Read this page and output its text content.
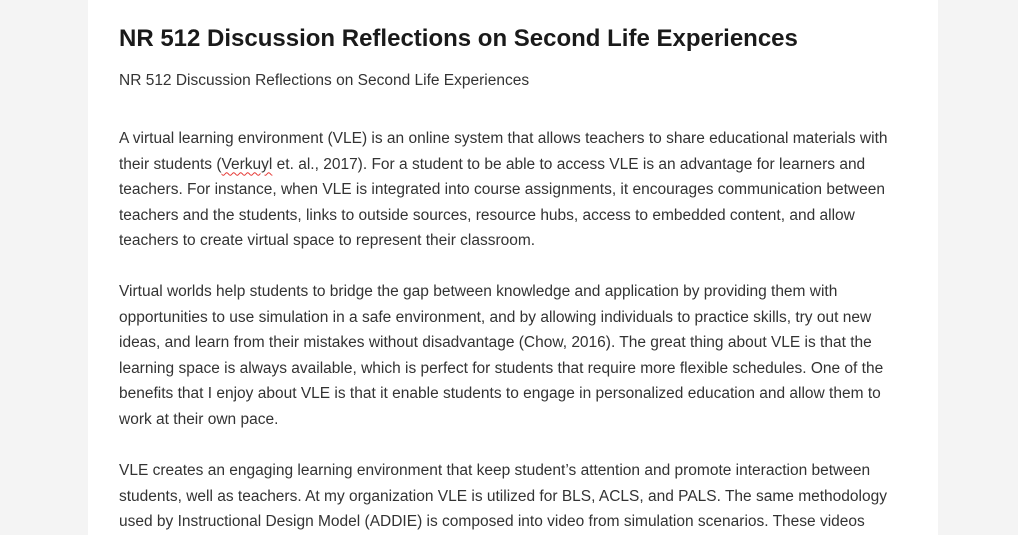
NR 512 Discussion Reflections on Second Life Experiences

NR 512 Discussion Reflections on Second Life Experiences

A virtual learning environment (VLE) is an online system that allows teachers to share educational materials with their students (Verkuyl et. al., 2017). For a student to be able to access VLE is an advantage for learners and teachers. For instance, when VLE is integrated into course assignments, it encourages communication between teachers and the students, links to outside sources, resource hubs, access to embedded content, and allow teachers to create virtual space to represent their classroom.

Virtual worlds help students to bridge the gap between knowledge and application by providing them with opportunities to use simulation in a safe environment, and by allowing individuals to practice skills, try out new ideas, and learn from their mistakes without disadvantage (Chow, 2016). The great thing about VLE is that the learning space is always available, which is perfect for students that require more flexible schedules. One of the benefits that I enjoy about VLE is that it enable students to engage in personalized education and allow them to work at their own pace.

VLE creates an engaging learning environment that keep student’s attention and promote interaction between students, well as teachers. At my organization VLE is utilized for BLS, ACLS, and PALS. The same methodology used by Instructional Design Model (ADDIE) is composed into video from simulation scenarios. These videos
